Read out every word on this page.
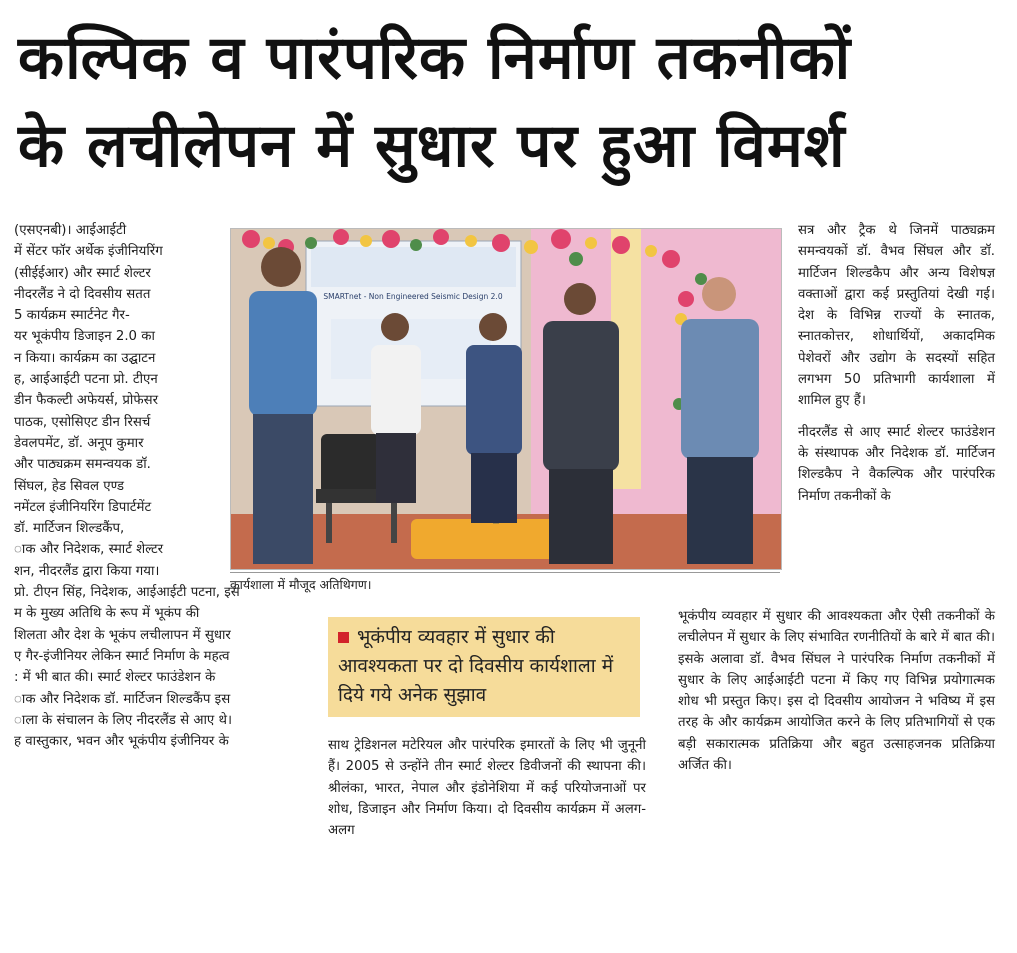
कल्पिक व पारंपरिक निर्माण तकनीकों
के लचीलेपन में सुधार पर हुआ विमर्श
(एसएनबी)। आईआईटी
में सेंटर फॉर अर्थेक इंजीनियरिंग
(सीईईआर) और स्मार्ट शेल्टर
नीदरलैंड ने दो दिवसीय सतत
5 कार्यक्रम स्मार्टनेट गैर-
यर भूकंपीय डिजाइन 2.0 का
न किया। कार्यक्रम का उद्घाटन
ह, आईआईटी पटना प्रो. टीएन
डीन फैकल्टी अफेयर्स, प्रोफेसर
पाठक, एसोसिएट डीन रिसर्च
डेवलपमेंट, डॉ. अनूप कुमार
और पाठ्यक्रम समन्वयक डॉ.
सिंघल, हेड सिवल एण्ड
नमेंटल इंजीनियरिंग डिपार्टमेंट
डॉ. मार्टिजन शिल्डकैंप,
ाक और निदेशक, स्मार्ट शेल्टर
शन, नीदरलैंड द्वारा किया गया।
प्रो. टीएन सिंह, निदेशक, आईआईटी पटना, इस
म के मुख्य अतिथि के रूप में भूकंप की
शिलता और देश के भूकंप लचीलापन में सुधार
ए गैर-इंजीनियर लेकिन स्मार्ट निर्माण के महत्व
: में भी बात की। स्मार्ट शेल्टर फाउंडेशन के
ाक और निदेशक डॉ. मार्टिजन शिल्डकैंप इस
ाला के संचालन के लिए नीदरलैंड से आए थे।
ह वास्तुकार, भवन और भूकंपीय इंजीनियर के
SMARTnet - Non Engineered Seismic Design 2.0
कार्यशाला में मौजूद अतिथिगण।
भूकंपीय व्यवहार में सुधार की आवश्यकता पर दो दिवसीय कार्यशाला में दिये गये अनेक सुझाव

साथ ट्रेडिशनल मटेरियल और पारंपरिक इमारतों के लिए भी जुनूनी हैं। 2005 से उन्होंने तीन स्मार्ट शेल्टर डिवीजनों की स्थापना की। श्रीलंका, भारत, नेपाल और इंडोनेशिया में कई परियोजनाओं पर शोध, डिजाइन और निर्माण किया। दो दिवसीय कार्यक्रम में अलग-अलग

सत्र और ट्रैक थे जिनमें पाठ्यक्रम समन्वयकों डॉ. वैभव सिंघल और डॉ. मार्टिजन शिल्डकैप और अन्य विशेषज्ञ वक्ताओं द्वारा कई प्रस्तुतियां देखी गई। देश के विभिन्न राज्यों के स्नातक, स्नातकोत्तर, शोधार्थियों, अकादमिक पेशेवरों और उद्योग के सदस्यों सहित लगभग 50 प्रतिभागी कार्यशाला में शामिल हुए हैं।

नीदरलैंड से आए स्मार्ट शेल्टर फाउंडेशन के संस्थापक और निदेशक डॉ. मार्टिजन शिल्डकैप ने वैकल्पिक और पारंपरिक निर्माण तकनीकों के

भूकंपीय व्यवहार में सुधार की आवश्यकता और ऐसी तकनीकों के लचीलेपन में सुधार के लिए संभावित रणनीतियों के बारे में बात की। इसके अलावा डॉ. वैभव सिंघल ने पारंपरिक निर्माण तकनीकों में सुधार के लिए आईआईटी पटना में किए गए विभिन्न प्रयोगात्मक शोध भी प्रस्तुत किए। इस दो दिवसीय आयोजन ने भविष्य में इस तरह के और कार्यक्रम आयोजित करने के लिए प्रतिभागियों से एक बड़ी सकारात्मक प्रतिक्रिया और बहुत उत्साहजनक प्रतिक्रिया अर्जित की।
